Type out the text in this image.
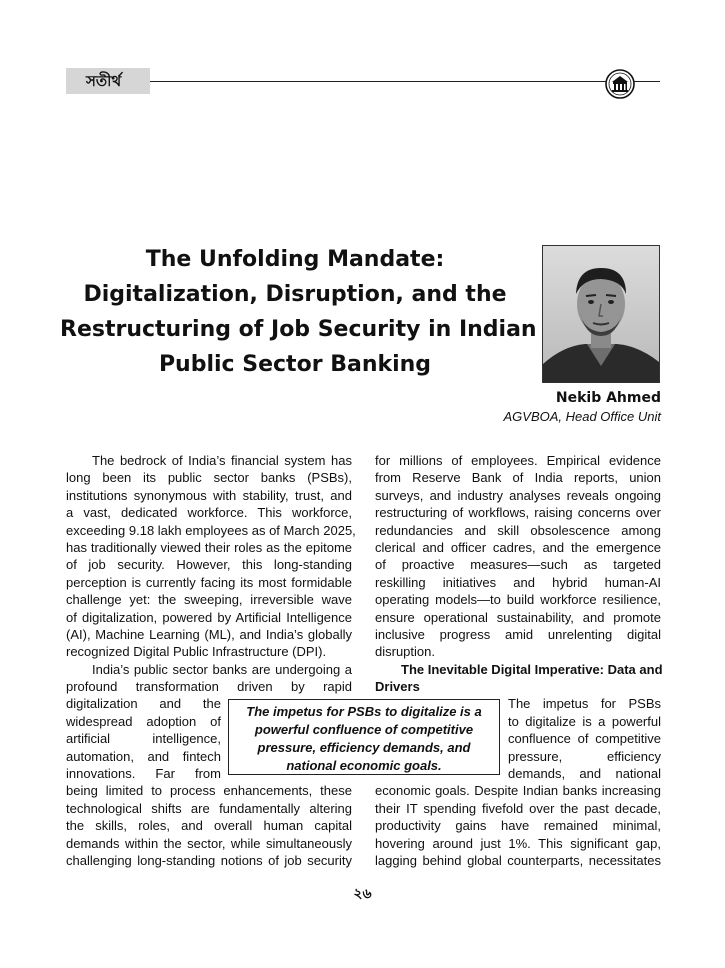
সতীর্থ
The Unfolding Mandate:
Digitalization, Disruption, and the
Restructuring of Job Security in Indian
Public Sector Banking
Nekib Ahmed
AGVBOA, Head Office Unit
The bedrock of India’s financial system has
long been its public sector banks (PSBs),
institutions synonymous with stability, trust, and
a vast, dedicated workforce. This workforce,
exceeding 9.18 lakh employees as of March 2025,
has traditionally viewed their roles as the epitome
of job security. However, this long-standing
perception is currently facing its most formidable
challenge yet: the sweeping, irreversible wave
of digitalization, powered by Artificial Intelligence
(AI), Machine Learning (ML), and India’s globally
recognized Digital Public Infrastructure (DPI).
India’s public sector banks are undergoing a
profound transformation driven by rapid
digitalization and the
widespread adoption of
artificial intelligence,
automation, and fintech
innovations. Far from
being limited to process enhancements, these
technological shifts are fundamentally altering
the skills, roles, and overall human capital
demands within the sector, while simultaneously
challenging long-standing notions of job security
for millions of employees. Empirical evidence
from Reserve Bank of India reports, union
surveys, and industry analyses reveals ongoing
restructuring of workflows, raising concerns over
redundancies and skill obsolescence among
clerical and officer cadres, and the emergence
of proactive measures—such as targeted
reskilling initiatives and hybrid human-AI
operating models—to build workforce resilience,
ensure operational sustainability, and promote
inclusive progress amid unrelenting digital
disruption.
The Inevitable Digital Imperative: Data and
Drivers
The impetus for PSBs
to digitalize is a powerful
confluence of competitive
pressure, efficiency
demands, and national
economic goals. Despite Indian banks increasing
their IT spending fivefold over the past decade,
productivity gains have remained minimal,
hovering around just 1%. This significant gap,
lagging behind global counterparts, necessitates
The impetus for PSBs to digitalize is a
powerful confluence of competitive
pressure, efficiency demands, and
national economic goals.
২৬
